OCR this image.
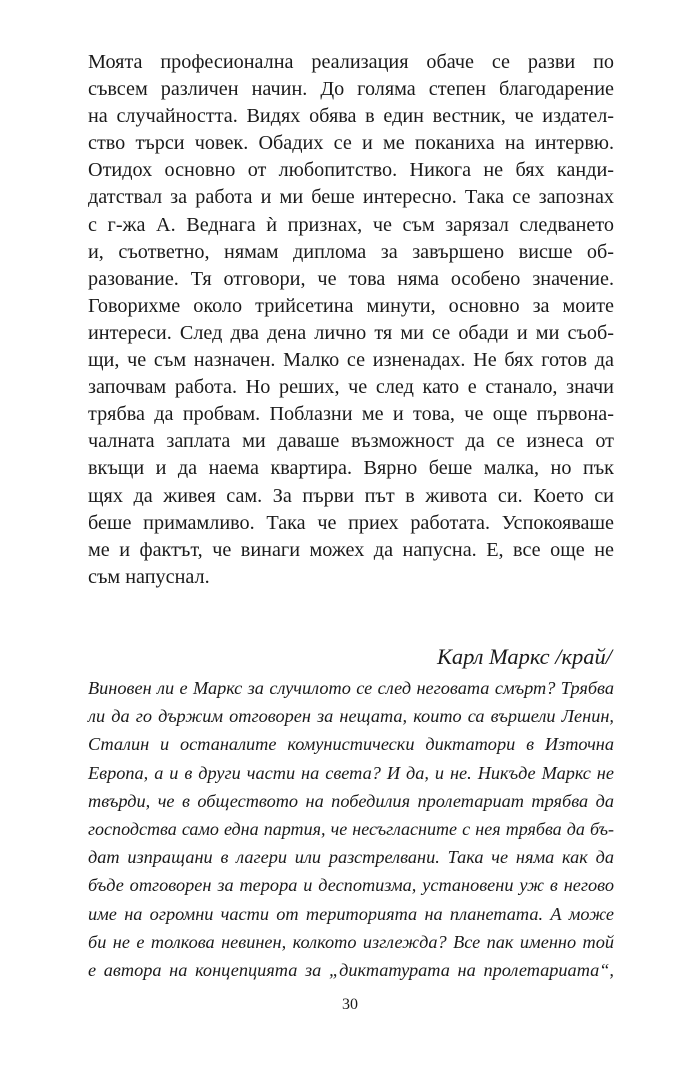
Моята професионална реализация обаче се разви по
съвсем различен начин. До голяма степен благодарение
на случайността. Видях обява в един вестник, че издател-
ство търси човек. Обадих се и ме поканиха на интервю.
Отидох основно от любопитство. Никога не бях канди-
датствал за работа и ми беше интересно. Така се запознах
с г-жа А. Веднага ѝ признах, че съм зарязал следването
и, съответно, нямам диплома за завършено висше об-
разование. Тя отговори, че това няма особено значение.
Говорихме около трийсетина минути, основно за моите
интереси. След два дена лично тя ми се обади и ми съоб-
щи, че съм назначен. Малко се изненадах. Не бях готов да
започвам работа. Но реших, че след като е станало, значи
трябва да пробвам. Поблазни ме и това, че още първона-
чалната заплата ми даваше възможност да се изнеса от
вкъщи и да наема квартира. Вярно беше малка, но пък
щях да живея сам. За първи път в живота си. Което си
беше примамливо. Така че приех работата. Успокояваше
ме и фактът, че винаги можех да напусна. Е, все още не
съм напуснал.
Карл Маркс /край/
Виновен ли е Маркс за случилото се след неговата смърт? Трябва
ли да го държим отговорен за нещата, които са вършели Ленин,
Сталин и останалите комунистически диктатори в Източна
Европа, а и в други части на света? И да, и не. Никъде Маркс не
твърди, че в обществото на победилия пролетариат трябва да
господства само една партия, че несъгласните с нея трябва да бъ-
дат изпращани в лагери или разстрелвани. Така че няма как да
бъде отговорен за терора и деспотизма, установени уж в негово
име на огромни части от територията на планетата. А може
би не е толкова невинен, колкото изглежда? Все пак именно той
е автора на концепцията за „диктатурата на пролетариата“,
30
